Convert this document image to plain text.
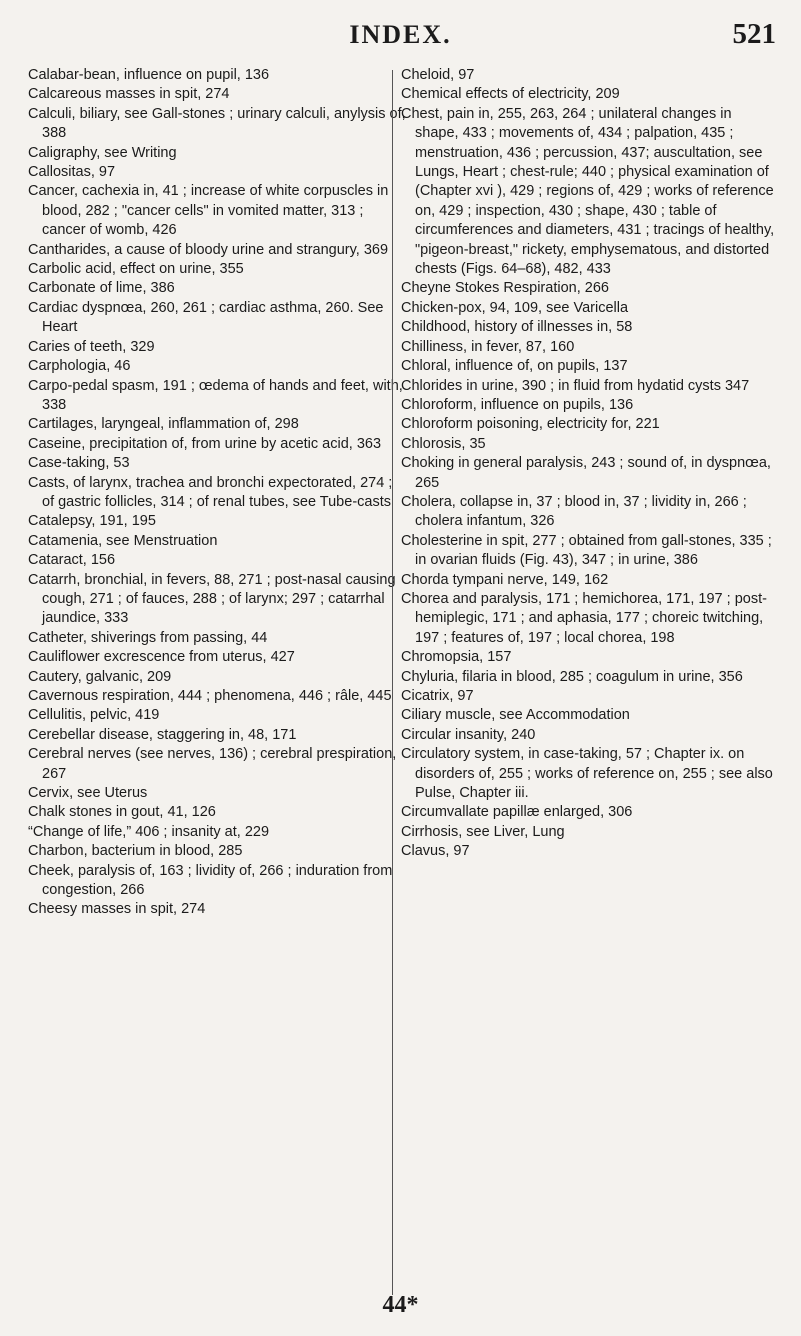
INDEX.	521

Calabar-bean, influence on pupil, 136

Calcareous masses in spit, 274

Calculi, biliary, see Gall-stones ; urinary calculi, anylysis of, 388

Caligraphy, see Writing

Callositas, 97

Cancer, cachexia in, 41 ; increase of white corpuscles in blood, 282 ; "cancer cells" in vomited matter, 313 ; cancer of womb, 426

Cantharides, a cause of bloody urine and strangury, 369

Carbolic acid, effect on urine, 355

Carbonate of lime, 386

Cardiac dyspnœa, 260, 261 ; cardiac asthma, 260. See Heart

Caries of teeth, 329

Carphologia, 46

Carpo-pedal spasm, 191 ; œdema of hands and feet, with, 338

Cartilages, laryngeal, inflammation of, 298

Caseine, precipitation of, from urine by acetic acid, 363

Case-taking, 53

Casts, of larynx, trachea and bronchi expectorated, 274 ; of gastric follicles, 314 ; of renal tubes, see Tube-casts

Catalepsy, 191, 195

Catamenia, see Menstruation

Cataract, 156

Catarrh, bronchial, in fevers, 88, 271 ; post-nasal causing cough, 271 ; of fauces, 288 ; of larynx; 297 ; catarrhal jaundice, 333

Catheter, shiverings from passing, 44

Cauliflower excrescence from uterus, 427

Cautery, galvanic, 209

Cavernous respiration, 444 ; phenomena, 446 ; râle, 445

Cellulitis, pelvic, 419

Cerebellar disease, staggering in, 48, 171

Cerebral nerves (see nerves, 136) ; cerebral prespiration, 267

Cervix, see Uterus

Chalk stones in gout, 41, 126

“Change of life,” 406 ; insanity at, 229

Charbon, bacterium in blood, 285

Cheek, paralysis of, 163 ; lividity of, 266 ; induration from congestion, 266

Cheesy masses in spit, 274

Cheloid, 97

Chemical effects of electricity, 209

Chest, pain in, 255, 263, 264 ; unilateral changes in shape, 433 ; movements of, 434 ; palpation, 435 ; menstruation, 436 ; percussion, 437; auscultation, see Lungs, Heart ; chest-rule; 440 ; physical examination of (Chapter xvi ), 429 ; regions of, 429 ; works of reference on, 429 ; inspection, 430 ; shape, 430 ; table of circumferences and diameters, 431 ; tracings of healthy, "pigeon-breast," rickety, emphysematous, and distorted chests (Figs. 64–68), 482, 433

Cheyne Stokes Respiration, 266

Chicken-pox, 94, 109, see Varicella

Childhood, history of illnesses in, 58

Chilliness, in fever, 87, 160

Chloral, influence of, on pupils, 137

Chlorides in urine, 390 ; in fluid from hydatid cysts 347

Chloroform, influence on pupils, 136

Chloroform poisoning, electricity for, 221

Chlorosis, 35

Choking in general paralysis, 243 ; sound of, in dyspnœa, 265

Cholera, collapse in, 37 ; blood in, 37 ; lividity in, 266 ; cholera infantum, 326

Cholesterine in spit, 277 ; obtained from gall-stones, 335 ; in ovarian fluids (Fig. 43), 347 ; in urine, 386

Chorda tympani nerve, 149, 162

Chorea and paralysis, 171 ; hemichorea, 171, 197 ; post-hemiplegic, 171 ; and aphasia, 177 ; choreic twitching, 197 ; features of, 197 ; local chorea, 198

Chromopsia, 157

Chyluria, filaria in blood, 285 ; coagulum in urine, 356

Cicatrix, 97

Ciliary muscle, see Accommodation

Circular insanity, 240

Circulatory system, in case-taking, 57 ; Chapter ix. on disorders of, 255 ; works of reference on, 255 ; see also Pulse, Chapter iii.

Circumvallate papillæ enlarged, 306

Cirrhosis, see Liver, Lung

Clavus, 97

44*
